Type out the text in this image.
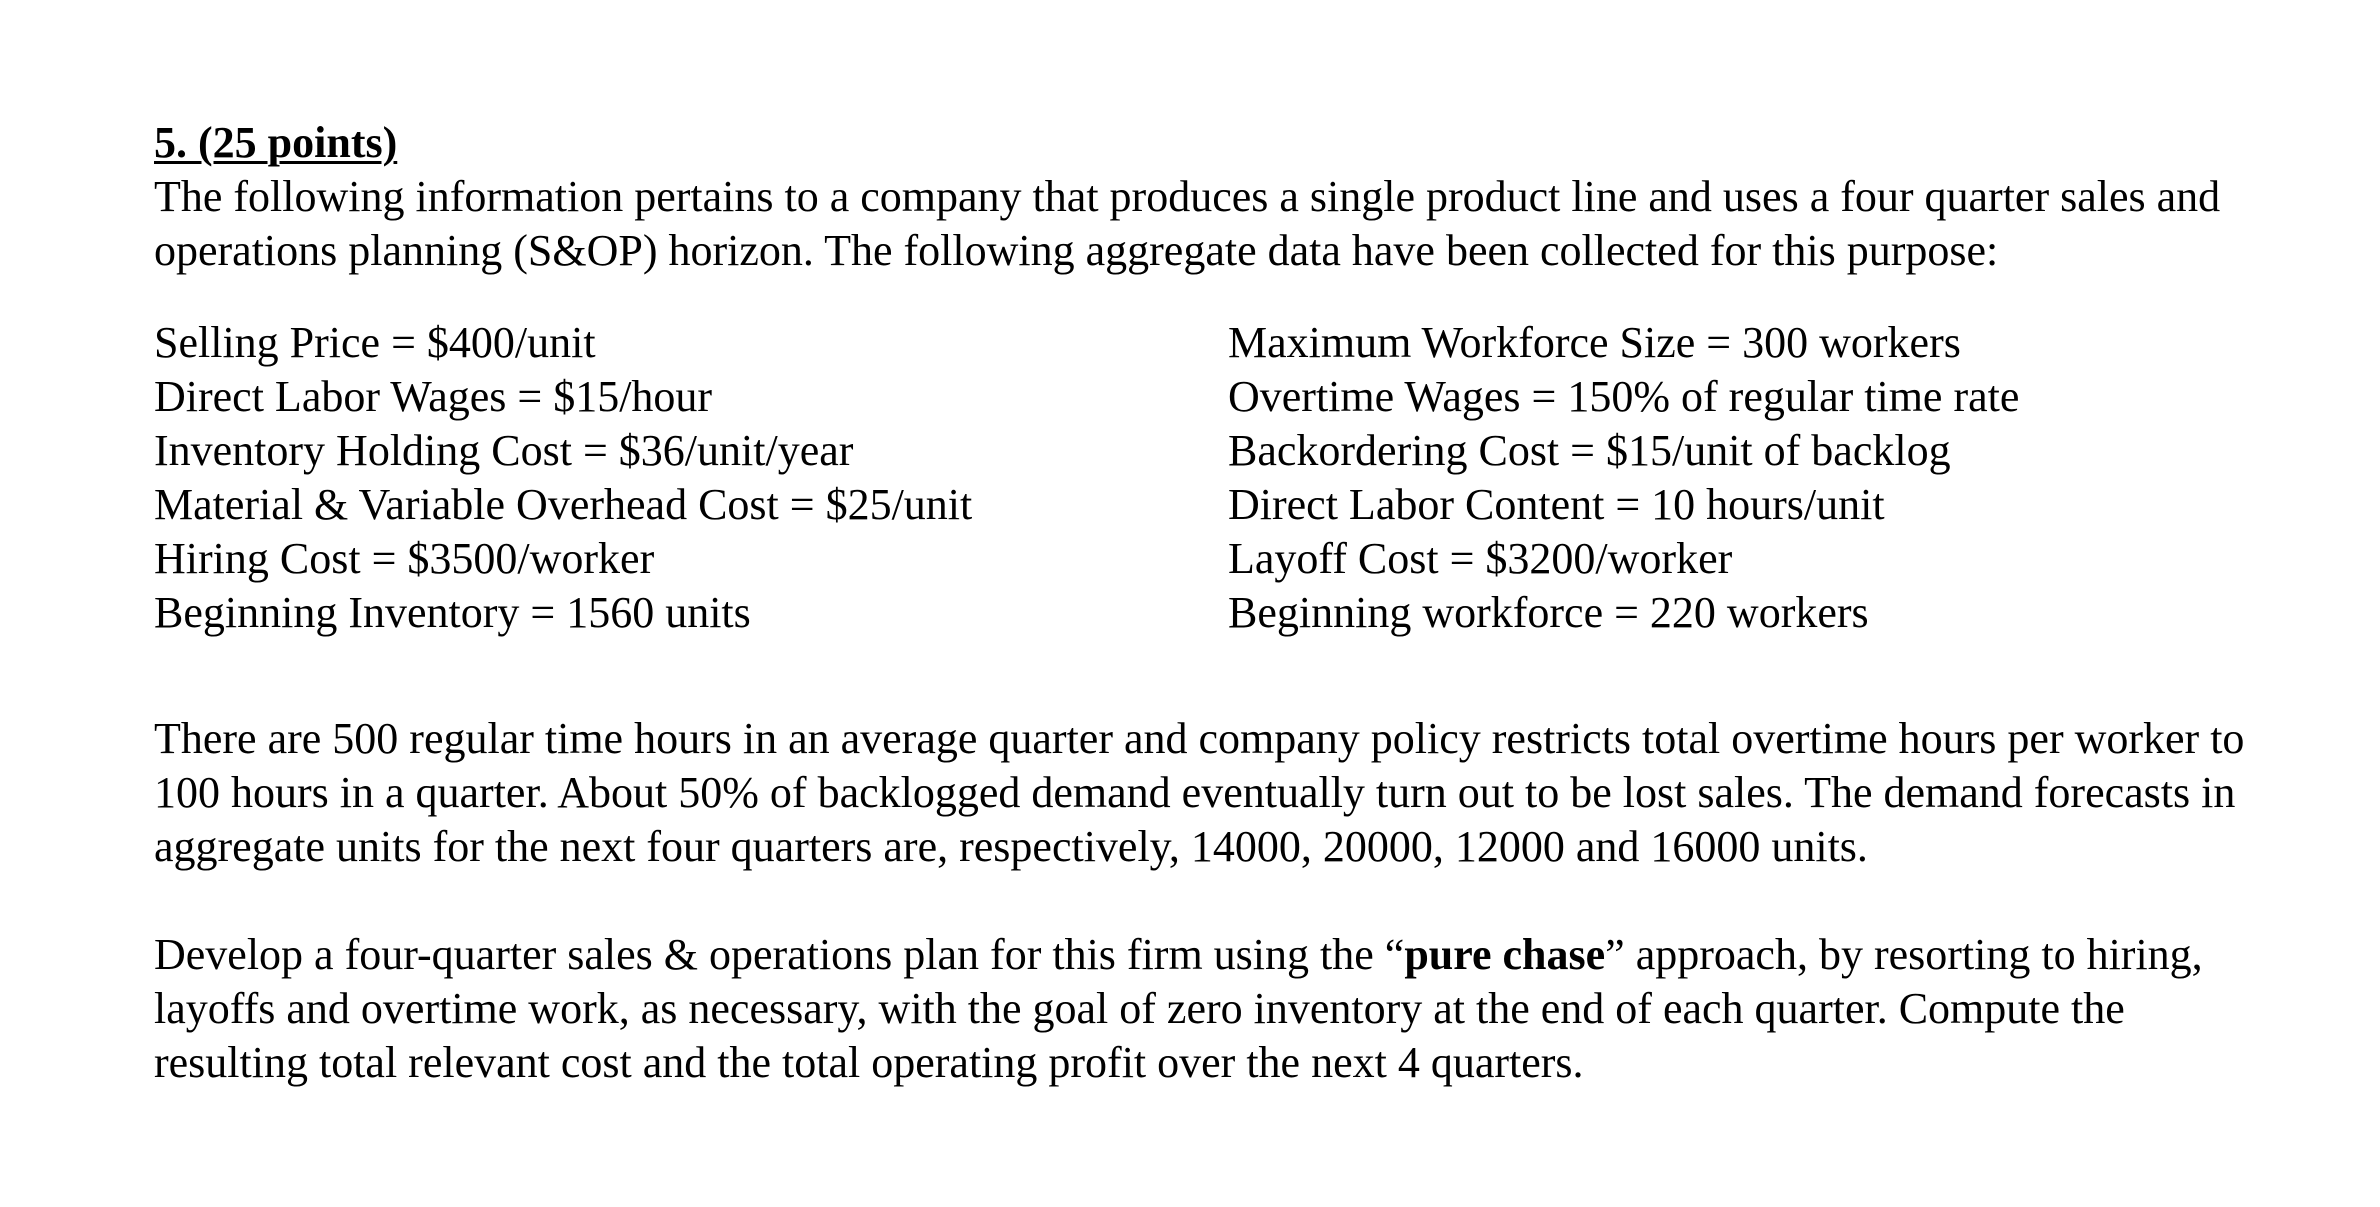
5. (25 points)

The following information pertains to a company that produces a single product line and uses a four quarter sales and operations planning (S&OP) horizon. The following aggregate data have been collected for this purpose:

Selling Price = $400/unit
Direct Labor Wages = $15/hour
Inventory Holding Cost = $36/unit/year
Material & Variable Overhead Cost = $25/unit
Hiring Cost = $3500/worker
Beginning Inventory = 1560 units
Maximum Workforce Size = 300 workers
Overtime Wages = 150% of regular time rate
Backordering Cost = $15/unit of backlog
Direct Labor Content = 10 hours/unit
Layoff Cost = $3200/worker
Beginning workforce = 220 workers

There are 500 regular time hours in an average quarter and company policy restricts total overtime hours per worker to 100 hours in a quarter. About 50% of backlogged demand eventually turn out to be lost sales. The demand forecasts in aggregate units for the next four quarters are, respectively, 14000, 20000, 12000 and 16000 units.

Develop a four-quarter sales & operations plan for this firm using the “pure chase” approach, by resorting to hiring, layoffs and overtime work, as necessary, with the goal of zero inventory at the end of each quarter. Compute the resulting total relevant cost and the total operating profit over the next 4 quarters.
